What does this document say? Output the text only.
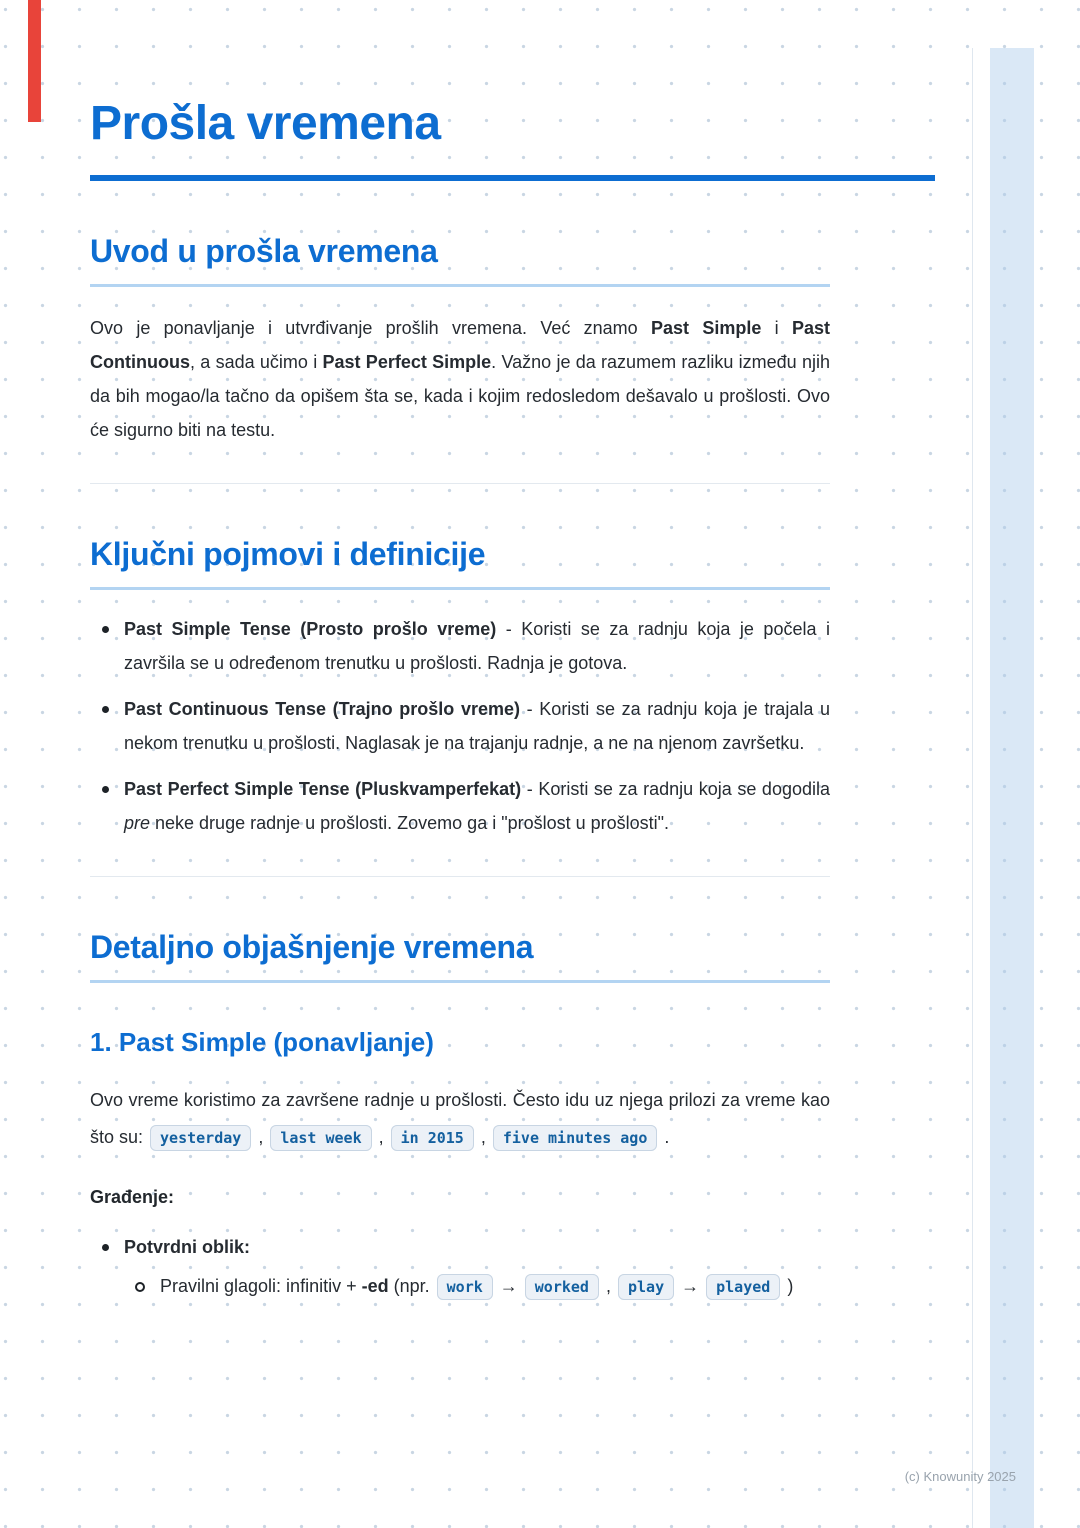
Prošla vremena
Uvod u prošla vremena

Ovo je ponavljanje i utvrđivanje prošlih vremena. Već znamo Past Simple i Past Continuous, a sada učimo i Past Perfect Simple. Važno je da razumem razliku između njih da bih mogao/la tačno da opišem šta se, kada i kojim redosledom dešavalo u prošlosti. Ovo će sigurno biti na testu.

Ključni pojmovi i definicije
Past Simple Tense (Prosto prošlo vreme) - Koristi se za radnju koja je počela i završila se u određenom trenutku u prošlosti. Radnja je gotova.
Past Continuous Tense (Trajno prošlo vreme) - Koristi se za radnju koja je trajala u nekom trenutku u prošlosti. Naglasak je na trajanju radnje, a ne na njenom završetku.
Past Perfect Simple Tense (Pluskvamperfekat) - Koristi se za radnju koja se dogodila pre neke druge radnje u prošlosti. Zovemo ga i "prošlost u prošlosti".
Detaljno objašnjenje vremena
1. Past Simple (ponavljanje)

Ovo vreme koristimo za završene radnje u prošlosti. Često idu uz njega prilozi za vreme kao što su: yesterday , last week , in 2015 , five minutes ago .

Građenje:

Potvrdni oblik:
Pravilni glagoli: infinitiv + -ed (npr. work → worked , play → played )
(c) Knowunity 2025
